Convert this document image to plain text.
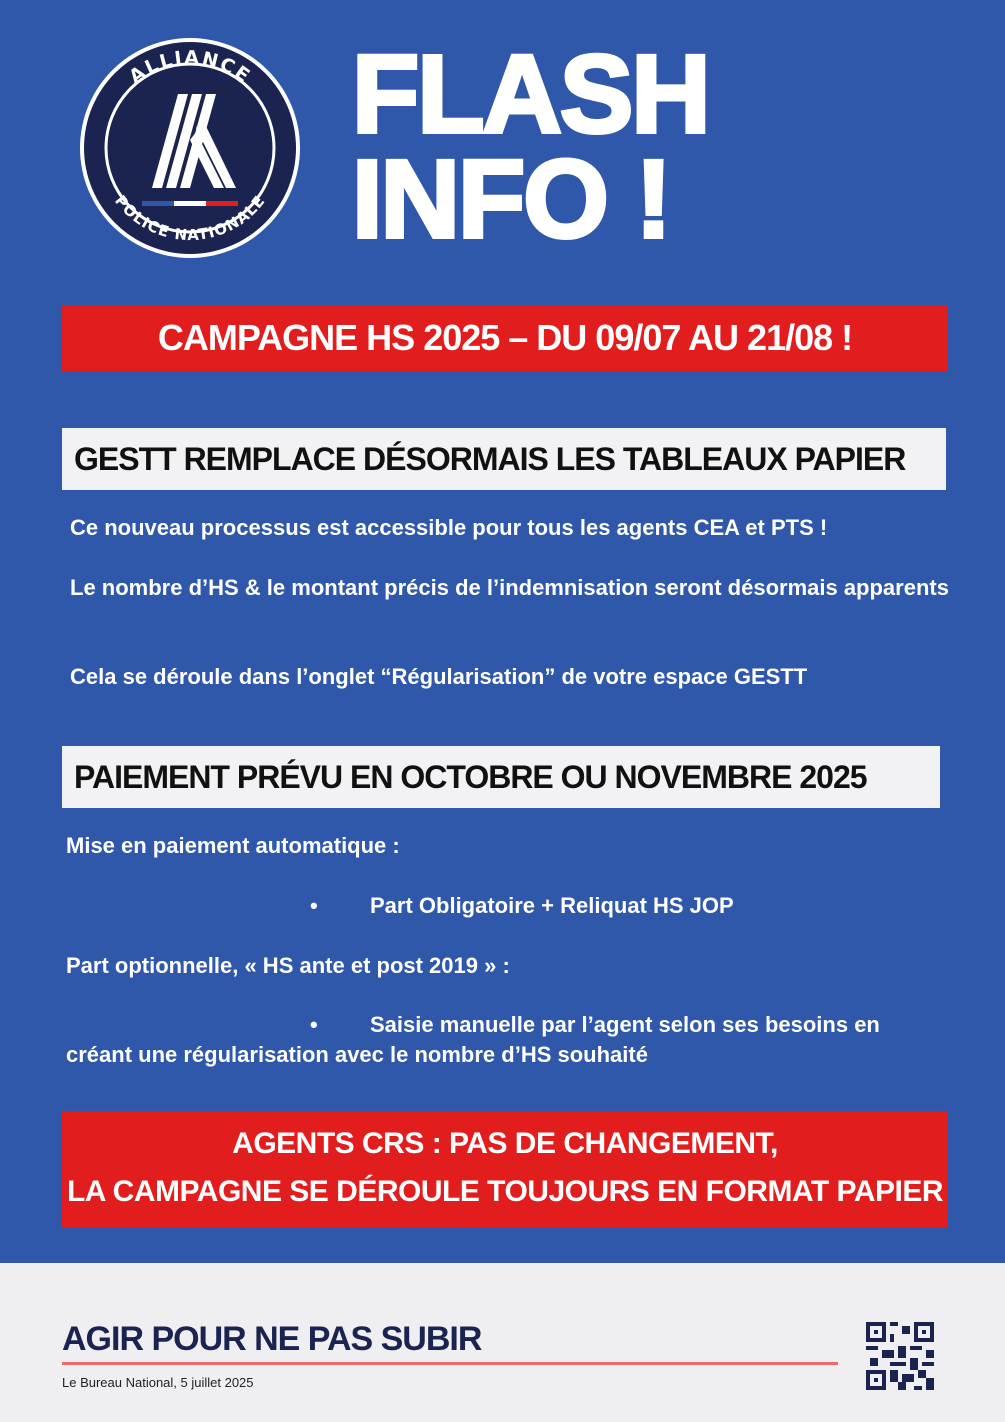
ALLIANCE
POLICE NATIONALE
FLASH
INFO !
CAMPAGNE HS 2025 – DU 09/07 AU 21/08 !
GESTT REMPLACE DÉSORMAIS LES TABLEAUX PAPIER
Ce nouveau processus est accessible pour tous les agents CEA et PTS !
Le nombre d’HS & le montant précis de l’indemnisation seront désormais apparents
Cela se déroule dans l’onglet “Régularisation” de votre espace GESTT
PAIEMENT PRÉVU EN OCTOBRE OU NOVEMBRE 2025
Mise en paiement automatique :
•	Part Obligatoire + Reliquat HS JOP
Part optionnelle, « HS ante et post 2019 » :
•	Saisie manuelle par l’agent selon ses besoins en
créant une régularisation avec le nombre d’HS souhaité
AGENTS CRS : PAS DE CHANGEMENT,
LA CAMPAGNE SE DÉROULE TOUJOURS EN FORMAT PAPIER
AGIR POUR NE PAS SUBIR
Le Bureau National, 5 juillet 2025
